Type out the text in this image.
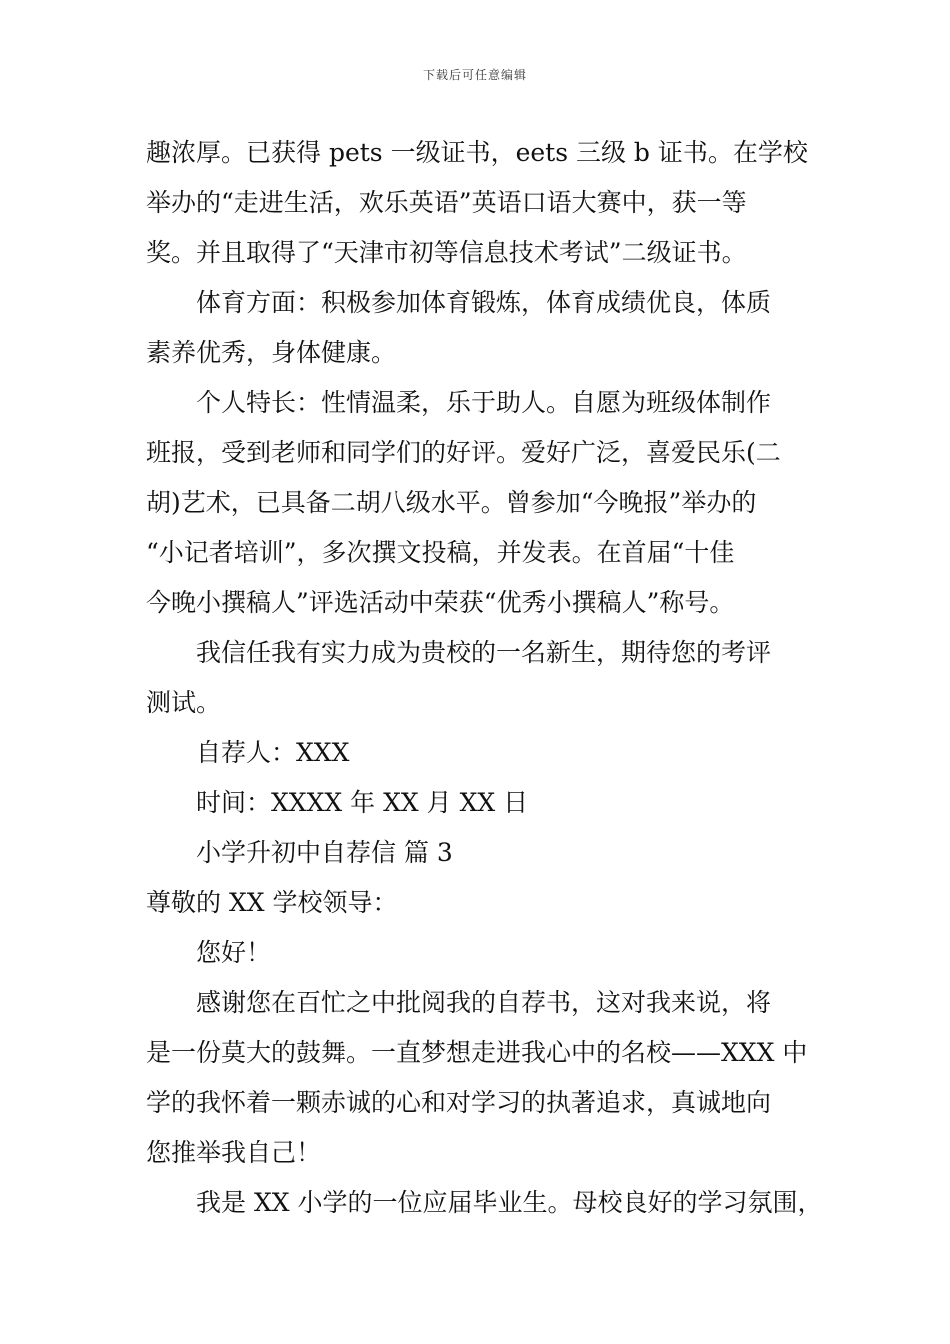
下载后可任意编辑
趣浓厚。已获得 pets 一级证书，eets 三级 b 证书。在学校
举办的“走进生活，欢乐英语”英语口语大赛中，获一等
奖。并且取得了“天津市初等信息技术考试”二级证书。
体育方面：积极参加体育锻炼，体育成绩优良，体质
素养优秀，身体健康。
个人特长：性情温柔，乐于助人。自愿为班级体制作
班报，受到老师和同学们的好评。爱好广泛，喜爱民乐(二
胡)艺术，已具备二胡八级水平。曾参加“今晚报”举办的
“小记者培训”，多次撰文投稿，并发表。在首届“十佳
今晚小撰稿人”评选活动中荣获“优秀小撰稿人”称号。
我信任我有实力成为贵校的一名新生，期待您的考评
测试。
自荐人：XXX
时间：XXXX 年 XX 月 XX 日
小学升初中自荐信 篇 3
尊敬的 XX 学校领导：
您好！
感谢您在百忙之中批阅我的自荐书，这对我来说，将
是一份莫大的鼓舞。一直梦想走进我心中的名校——XXX 中
学的我怀着一颗赤诚的心和对学习的执著追求，真诚地向
您推举我自己！
我是 XX 小学的一位应届毕业生。母校良好的学习氛围，
